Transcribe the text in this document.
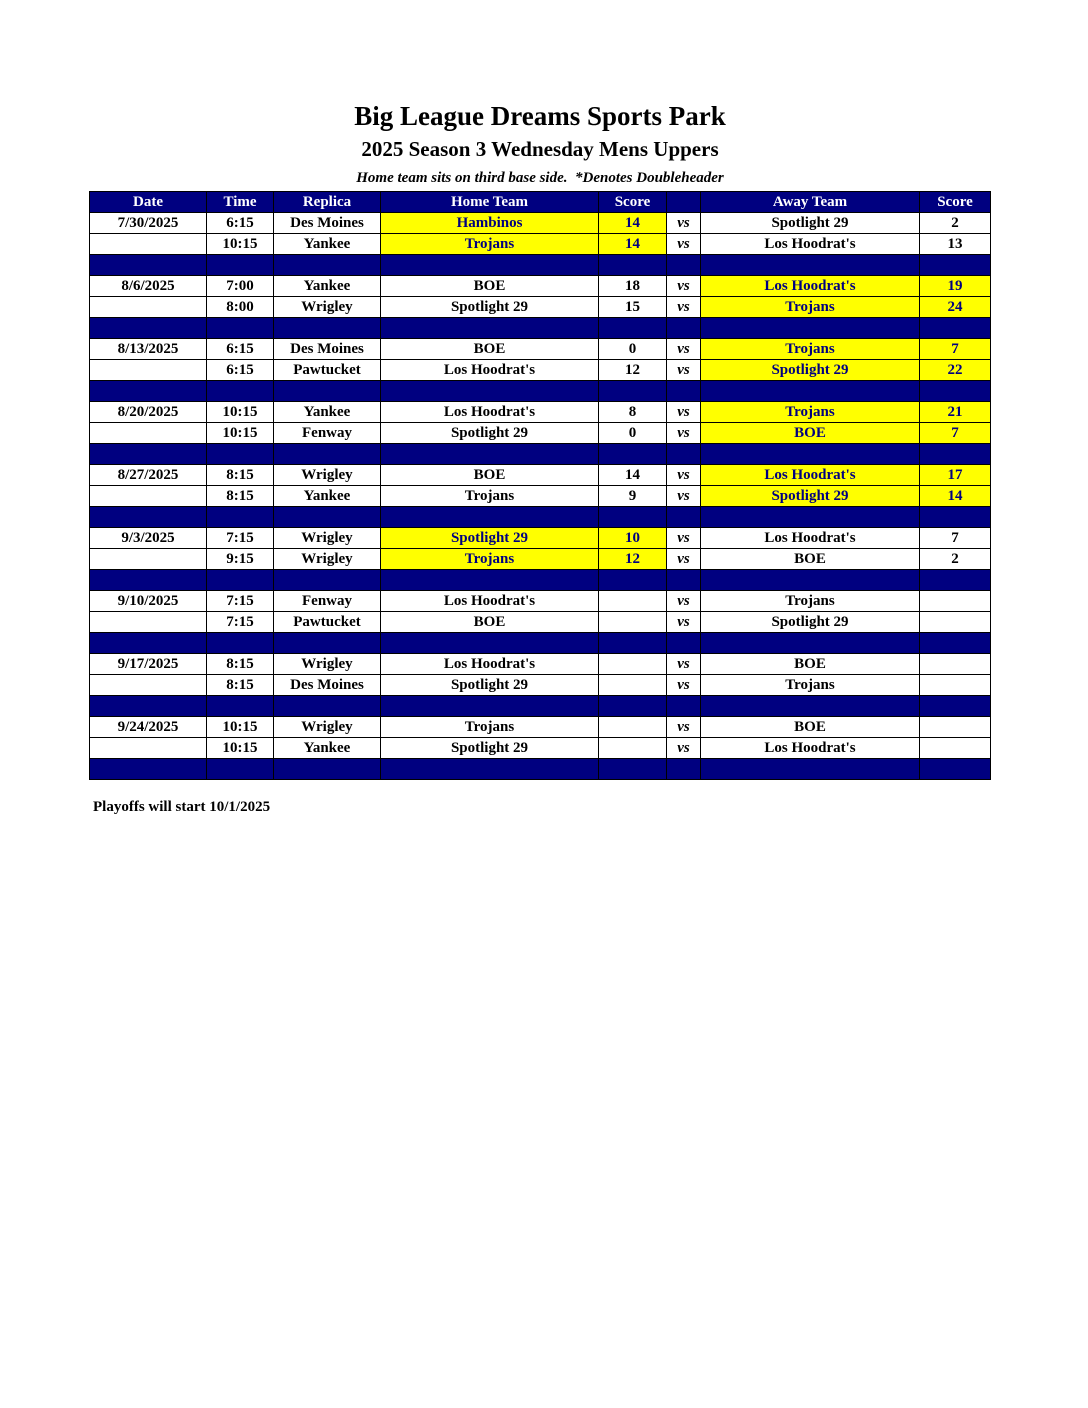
Big League Dreams Sports Park
2025 Season 3 Wednesday Mens Uppers
Home team sits on third base side.  *Denotes Doubleheader
Date	Time	Replica	Home Team	Score		Away Team	Score
7/30/2025	6:15	Des Moines	Hambinos	14	vs	Spotlight 29	2
	10:15	Yankee	Trojans	14	vs	Los Hoodrat's	13

8/6/2025	7:00	Yankee	BOE	18	vs	Los Hoodrat's	19
	8:00	Wrigley	Spotlight 29	15	vs	Trojans	24

8/13/2025	6:15	Des Moines	BOE	0	vs	Trojans	7
	6:15	Pawtucket	Los Hoodrat's	12	vs	Spotlight 29	22

8/20/2025	10:15	Yankee	Los Hoodrat's	8	vs	Trojans	21
	10:15	Fenway	Spotlight 29	0	vs	BOE	7

8/27/2025	8:15	Wrigley	BOE	14	vs	Los Hoodrat's	17
	8:15	Yankee	Trojans	9	vs	Spotlight 29	14

9/3/2025	7:15	Wrigley	Spotlight 29	10	vs	Los Hoodrat's	7
	9:15	Wrigley	Trojans	12	vs	BOE	2

9/10/2025	7:15	Fenway	Los Hoodrat's		vs	Trojans	
	7:15	Pawtucket	BOE		vs	Spotlight 29	

9/17/2025	8:15	Wrigley	Los Hoodrat's		vs	BOE	
	8:15	Des Moines	Spotlight 29		vs	Trojans	

9/24/2025	10:15	Wrigley	Trojans		vs	BOE	
	10:15	Yankee	Spotlight 29		vs	Los Hoodrat's	

Playoffs will start 10/1/2025
